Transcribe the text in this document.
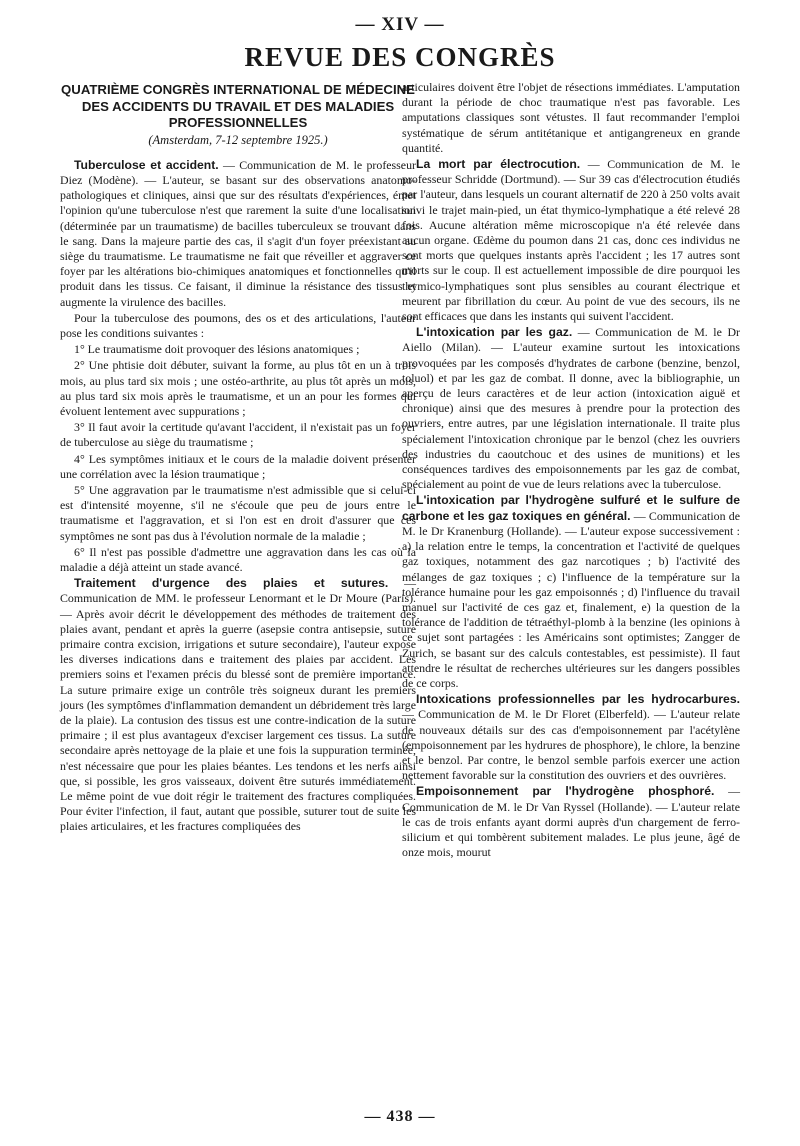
— XIV —
REVUE DES CONGRÈS
QUATRIÈME CONGRÈS INTERNATIONAL DE MÉDECINE DES ACCIDENTS DU TRAVAIL ET DES MALADIES PROFESSIONNELLES
(Amsterdam, 7-12 septembre 1925.)

Tuberculose et accident. — Communication de M. le professeur Diez (Modène). — L'auteur, se basant sur des observations anatomo-pathologiques et cliniques, ainsi que sur des résultats d'expériences, émet l'opinion qu'une tuberculose n'est que rarement la suite d'une localisation (déterminée par un traumatisme) de bacilles tuberculeux se trouvant dans le sang. Dans la majeure partie des cas, il s'agit d'un foyer préexistant au siège du traumatisme. Le traumatisme ne fait que réveiller et aggraver ce foyer par les altérations bio-chimiques anatomiques et fonctionnelles qu'il produit dans les tissus. Ce faisant, il diminue la résistance des tissus et augmente la virulence des bacilles.

Pour la tuberculose des poumons, des os et des articulations, l'auteur pose les conditions suivantes :

1° Le traumatisme doit provoquer des lésions anatomiques ;

2° Une phtisie doit débuter, suivant la forme, au plus tôt en un à trois mois, au plus tard six mois ; une ostéo-arthrite, au plus tôt après un mois, au plus tard six mois après le traumatisme, et un an pour les formes qui évoluent lentement avec suppurations ;

3° Il faut avoir la certitude qu'avant l'accident, il n'existait pas un foyer de tuberculose au siège du traumatisme ;

4° Les symptômes initiaux et le cours de la maladie doivent présenter une corrélation avec la lésion traumatique ;

5° Une aggravation par le traumatisme n'est admissible que si celui-ci est d'intensité moyenne, s'il ne s'écoule que peu de jours entre le traumatisme et l'aggravation, et si l'on est en droit d'assurer que ces symptômes ne sont pas dus à l'évolution normale de la maladie ;

6° Il n'est pas possible d'admettre une aggravation dans les cas où la maladie a déjà atteint un stade avancé.

Traitement d'urgence des plaies et sutures. — Communication de MM. le professeur Lenormant et le Dr Moure (Paris). — Après avoir décrit le développement des méthodes de traitement des plaies avant, pendant et après la guerre (asepsie contra antisepsie, suture primaire contra excision, irrigations et suture secondaire), l'auteur expose les diverses indications dans e traitement des plaies par accident. Les premiers soins et l'examen précis du blessé sont de première importance. La suture primaire exige un contrôle très soigneux durant les premiers jours (les symptômes d'inflammation demandent un débridement très large de la plaie). La contusion des tissus est une contre-indication de la suture primaire ; il est plus avantageux d'exciser largement ces tissus. La suture secondaire après nettoyage de la plaie et une fois la suppuration terminée, n'est nécessaire que pour les plaies béantes. Les tendons et les nerfs ainsi que, si possible, les gros vaisseaux, doivent être suturés immédiatement. Le même point de vue doit régir le traitement des fractures compliquées. Pour éviter l'infection, il faut, autant que possible, suturer tout de suite les plaies articulaires, et les fractures compliquées des

articulaires doivent être l'objet de résections immédiates. L'amputation durant la période de choc traumatique n'est pas favorable. Les amputations classiques sont vétustes. Il faut recommander l'emploi systématique de sérum antitétanique et antigangreneux en grande quantité.

La mort par électrocution. — Communication de M. le professeur Schridde (Dortmund). — Sur 39 cas d'électrocution étudiés par l'auteur, dans lesquels un courant alternatif de 220 à 250 volts avait suivi le trajet main-pied, un état thymico-lymphatique a été relevé 28 fois. Aucune altération même microscopique n'a été relevée dans aucun organe. Œdème du poumon dans 21 cas, donc ces individus ne sont morts que quelques instants après l'accident ; les 17 autres sont morts sur le coup. Il est actuellement impossible de dire pourquoi les thymico-lymphatiques sont plus sensibles au courant électrique et meurent par fibrillation du cœur. Au point de vue des secours, ils ne sont efficaces que dans les instants qui suivent l'accident.

L'intoxication par les gaz. — Communication de M. le Dr Aiello (Milan). — L'auteur examine surtout les intoxications provoquées par les composés d'hydrates de carbone (benzine, benzol, toluol) et par les gaz de combat. Il donne, avec la bibliographie, un aperçu de leurs caractères et de leur action (intoxication aiguë et chronique) ainsi que des mesures à prendre pour la protection des ouvriers, entre autres, par une législation internationale. Il traite plus spécialement l'intoxication chronique par le benzol (chez les ouvriers des industries du caoutchouc et des usines de munitions) et les conséquences tardives des empoisonnements par les gaz de combat, spécialement au point de vue de leurs relations avec la tuberculose.

L'intoxication par l'hydrogène sulfuré et le sulfure de carbone et les gaz toxiques en général. — Communication de M. le Dr Kranenburg (Hollande). — L'auteur expose successivement : a) la relation entre le temps, la concentration et l'activité de quelques gaz toxiques, notamment des gaz narcotiques ; b) l'activité des mélanges de gaz toxiques ; c) l'influence de la température sur la tolérance humaine pour les gaz empoisonnés ; d) l'influence du travail manuel sur l'activité de ces gaz et, finalement, e) la question de la tolérance de l'addition de tétraéthyl-plomb à la benzine (les opinions à ce sujet sont partagées : les Américains sont optimistes; Zangger de Zurich, se basant sur des calculs contestables, est pessimiste). Il faut attendre le résultat de recherches ultérieures sur les dangers possibles de ce corps.

Intoxications professionnelles par les hydrocarbures. — Communication de M. le Dr Floret (Elberfeld). — L'auteur relate de nouveaux détails sur des cas d'empoisonnement par l'acétylène (empoisonnement par les hydrures de phosphore), le chlore, la benzine et le benzol. Par contre, le benzol semble parfois exercer une action nettement favorable sur la constitution des ouvriers et des ouvrières.

Empoisonnement par l'hydrogène phosphoré. — Communication de M. le Dr Van Ryssel (Hollande). — L'auteur relate le cas de trois enfants ayant dormi auprès d'un chargement de ferro-silicium et qui tombèrent subitement malades. Le plus jeune, âgé de onze mois, mourut

— 438 —
